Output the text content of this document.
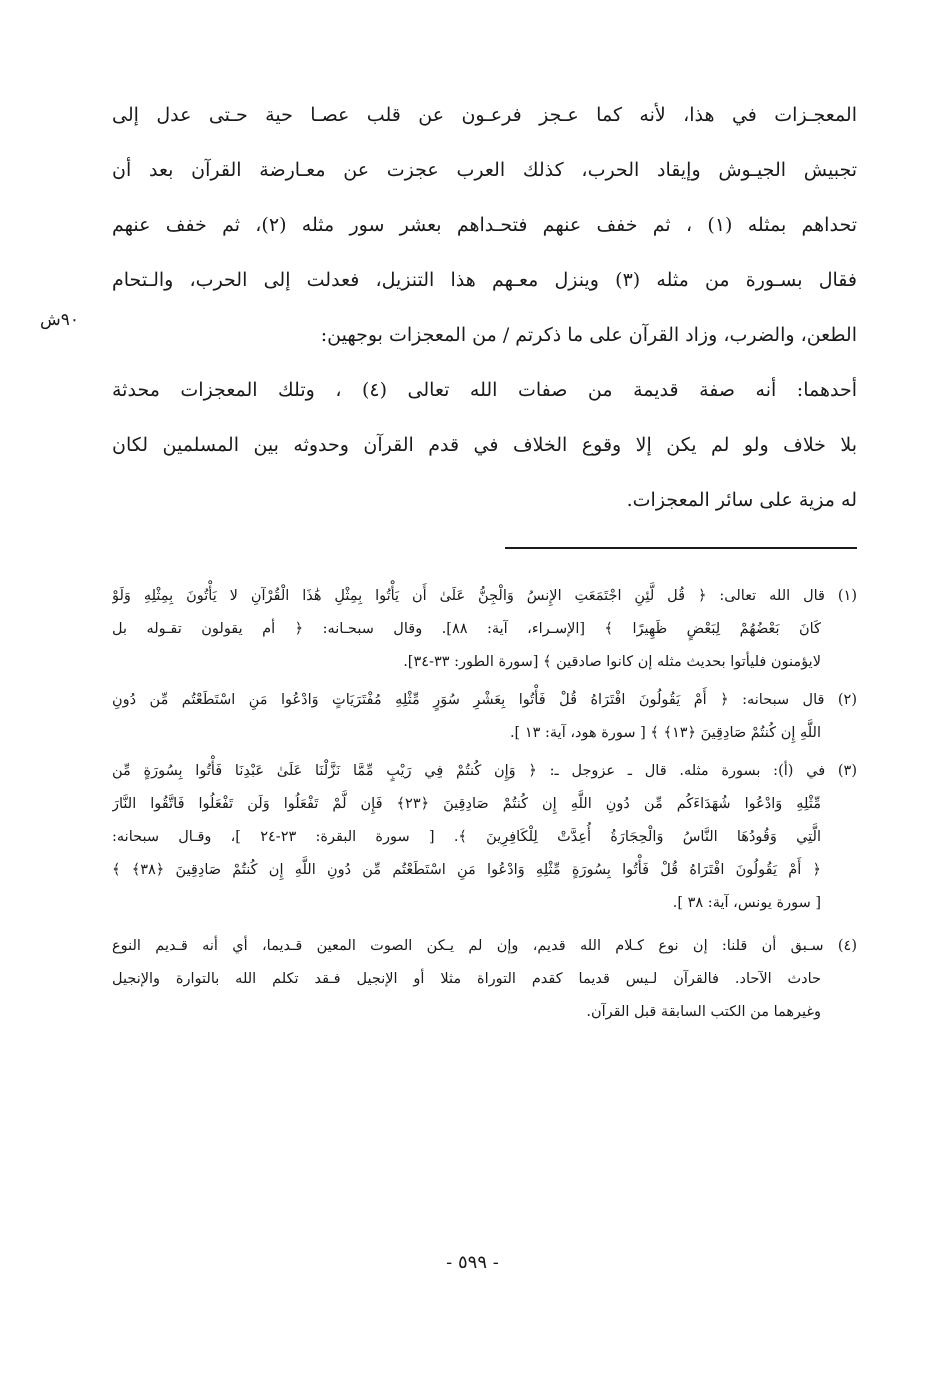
المعجـزات في هذا، لأنه كما عـجز فرعـون عن قلب عصـا حية حـتى عدل إلى
تجبيش الجيـوش وإيقاد الحرب، كذلك العرب عجزت عن معـارضة القرآن بعد أن
تحداهم بمثله (١) ، ثم خفف عنهم فتحـداهم بعشر سور مثله (٢)، ثم خفف عنهم
فقال بسـورة من مثله (٣) وينزل معـهم هذا التنزيل، فعدلت إلى الحرب، والـتحام
الطعن، والضرب، وزاد القرآن على ما ذكرتم / من المعجزات بوجهين:
أحدهما: أنه صفة قديمة من صفات الله تعالى (٤) ، وتلك المعجزات محدثة
بلا خلاف ولو لم يكن إلا وقوع الخلاف في قدم القرآن وحدوثه بين المسلمين لكان
له مزية على سائر المعجزات.
٩٠ش
(١) قال الله تعالى: ﴿ قُل لَّئِنِ اجْتَمَعَتِ الإِنسُ وَالْجِنُّ عَلَىٰ أَن يَأْتُوا بِمِثْلِ هَٰذَا الْقُرْآنِ لا يَأْتُونَ بِمِثْلِهِ وَلَوْ
كَانَ بَعْضُهُمْ لِبَعْضٍ ظَهِيرًا ﴾ [الإسـراء، آية: ٨٨]. وقال سبحـانه: ﴿ أم يقولون تقـوله بل
لايؤمنون فليأتوا بحديث مثله إن كانوا صادقين ﴾ [سورة الطور: ٣٣-٣٤].
(٢) قال سبحانه: ﴿ أَمْ يَقُولُونَ افْتَرَاهُ قُلْ فَأْتُوا بِعَشْرِ سُوَرٍ مِّثْلِهِ مُفْتَرَيَاتٍ وَادْعُوا مَنِ اسْتَطَعْتُم مِّن دُونِ
اللَّهِ إِن كُنتُمْ صَادِقِينَ ﴿١٣﴾ ﴾ [ سورة هود، آية: ١٣ ].
(٣) في (أ): بسورة مثله. قال ـ عزوجل ـ: ﴿ وَإِن كُنتُمْ فِي رَيْبٍ مِّمَّا نَزَّلْنَا عَلَىٰ عَبْدِنَا فَأْتُوا بِسُورَةٍ مِّن
مِّثْلِهِ وَادْعُوا شُهَدَاءَكُم مِّن دُونِ اللَّهِ إِن كُنتُمْ صَادِقِينَ ﴿٢٣﴾ فَإِن لَّمْ تَفْعَلُوا وَلَن تَفْعَلُوا فَاتَّقُوا النَّارَ
الَّتِي وَقُودُهَا النَّاسُ وَالْحِجَارَةُ أُعِدَّتْ لِلْكَافِرِينَ ﴾. [ سورة البقرة: ٢٣-٢٤ ]، وقـال سبحانه:
﴿ أَمْ يَقُولُونَ افْتَرَاهُ قُلْ فَأْتُوا بِسُورَةٍ مِّثْلِهِ وَادْعُوا مَنِ اسْتَطَعْتُم مِّن دُونِ اللَّهِ إِن كُنتُمْ صَادِقِينَ ﴿٣٨﴾ ﴾
[ سورة يونس، آية: ٣٨ ].
(٤) سـبق أن قلنا: إن نوع كـلام الله قديم، وإن لم يـكن الصوت المعين قـديما، أي أنه قـديم النوع
حادث الآحاد. فالقرآن لـيس قديما كقدم التوراة مثلا أو الإنجيل فـقد تكلم الله بالتوارة والإنجيل
وغيرهما من الكتب السابقة قبل القرآن.
- ٥٩٩ -
